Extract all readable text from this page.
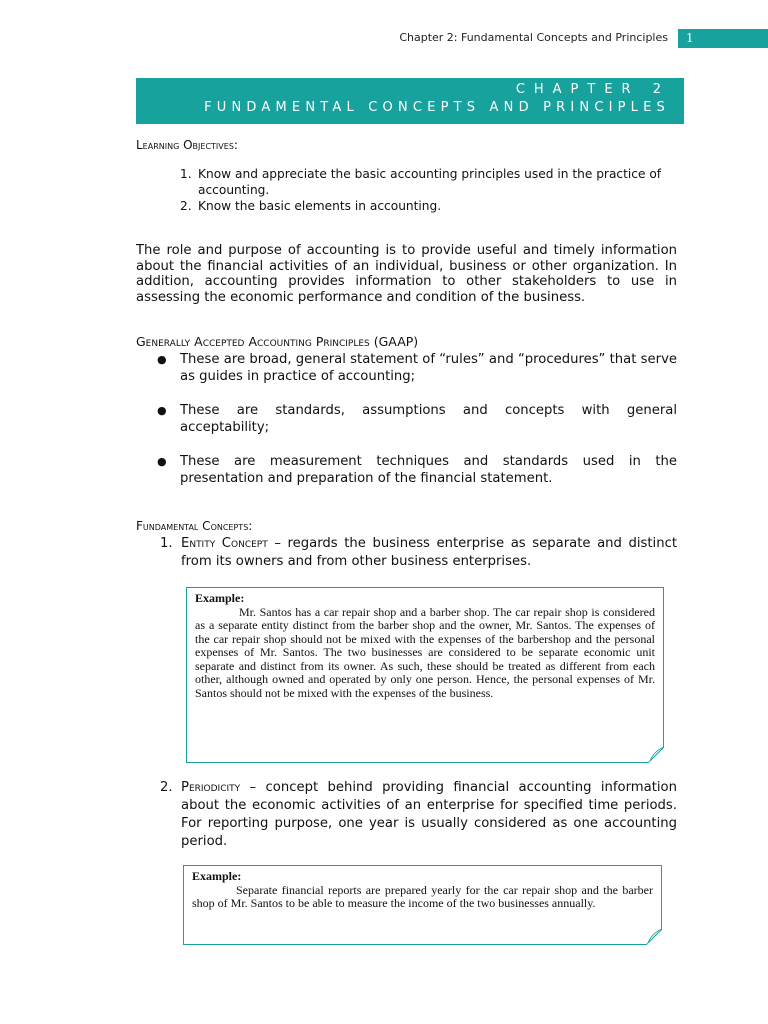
Chapter 2: Fundamental Concepts and Principles	1
CHAPTER 2
FUNDAMENTAL CONCEPTS AND PRINCIPLES
Learning Objectives:
1. Know and appreciate the basic accounting principles used in the practice of accounting.
2. Know the basic elements in accounting.

The role and purpose of accounting is to provide useful and timely information about the financial activities of an individual, business or other organization. In addition, accounting provides information to other stakeholders to use in assessing the economic performance and condition of the business.

Generally Accepted Accounting Principles (GAAP)
● These are broad, general statement of “rules” and “procedures” that serve as guides in practice of accounting;
● These are standards, assumptions and concepts with general acceptability;
● These are measurement techniques and standards used in the presentation and preparation of the financial statement.
Fundamental Concepts:
1. Entity Concept – regards the business enterprise as separate and distinct from its owners and from other business enterprises.
Example:
Mr. Santos has a car repair shop and a barber shop. The car repair shop is considered as a separate entity distinct from the barber shop and the owner, Mr. Santos. The expenses of the car repair shop should not be mixed with the expenses of the barbershop and the personal expenses of Mr. Santos. The two businesses are considered to be separate economic unit separate and distinct from its owner. As such, these should be treated as different from each other, although owned and operated by only one person. Hence, the personal expenses of Mr. Santos should not be mixed with the expenses of the business.
2. Periodicity – concept behind providing financial accounting information about the economic activities of an enterprise for specified time periods. For reporting purpose, one year is usually considered as one accounting period.
Example:
Separate financial reports are prepared yearly for the car repair shop and the barber shop of Mr. Santos to be able to measure the income of the two businesses annually.
